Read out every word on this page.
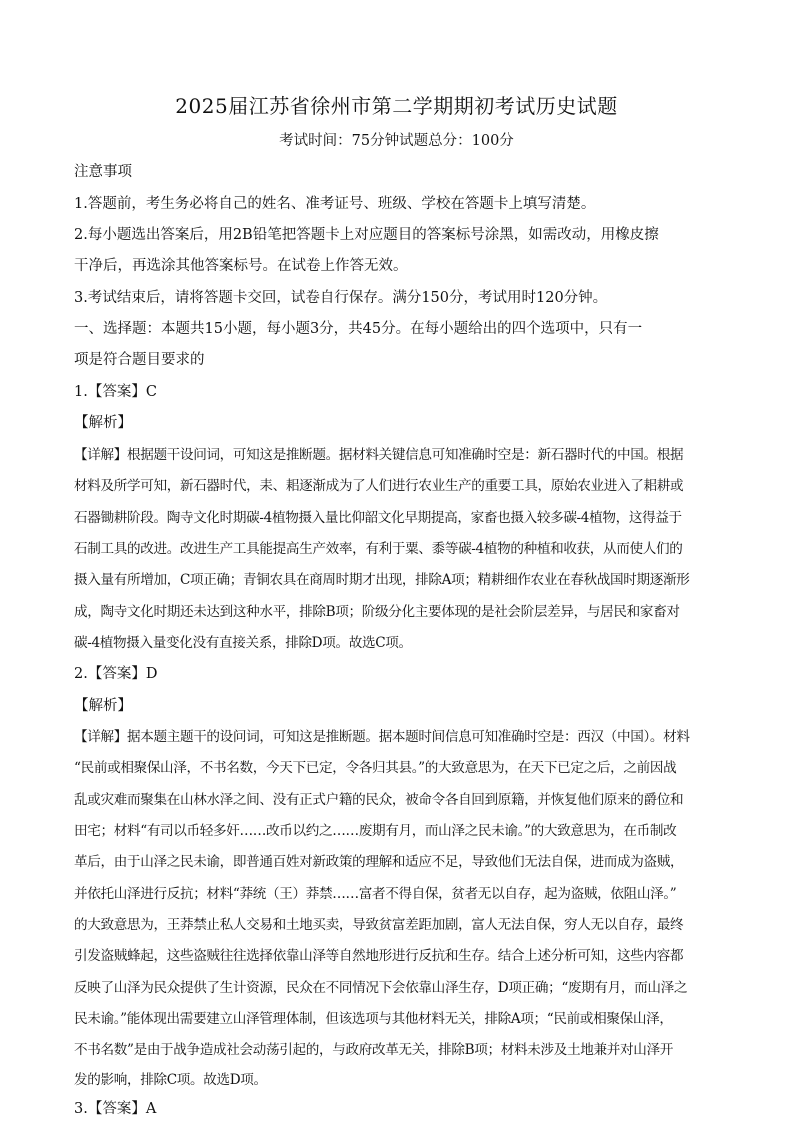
2025届江苏省徐州市第二学期期初考试历史试题
考试时间：75分钟试题总分：100分
注意事项
1.答题前，考生务必将自己的姓名、准考证号、班级、学校在答题卡上填写清楚。
2.每小题选出答案后，用2B铅笔把答题卡上对应题目的答案标号涂黑，如需改动，用橡皮擦
干净后，再选涂其他答案标号。在试卷上作答无效。
3.考试结束后，请将答题卡交回，试卷自行保存。满分150分，考试用时120分钟。
一、选择题：本题共15小题，每小题3分，共45分。在每小题给出的四个选项中，只有一
项是符合题目要求的
1.【答案】C
【解析】
【详解】根据题干设问词，可知这是推断题。据材料关键信息可知准确时空是：新石器时代的中国。根据
材料及所学可知，新石器时代，耒、耜逐渐成为了人们进行农业生产的重要工具，原始农业进入了耜耕或
石器锄耕阶段。陶寺文化时期碳-4植物摄入量比仰韶文化早期提高，家畜也摄入较多碳-4植物，这得益于
石制工具的改进。改进生产工具能提高生产效率，有利于粟、黍等碳-4植物的种植和收获，从而使人们的
摄入量有所增加，C项正确；青铜农具在商周时期才出现，排除A项；精耕细作农业在春秋战国时期逐渐形
成，陶寺文化时期还未达到这种水平，排除B项；阶级分化主要体现的是社会阶层差异，与居民和家畜对
碳-4植物摄入量变化没有直接关系，排除D项。故选C项。
2.【答案】D
【解析】
【详解】据本题主题干的设问词，可知这是推断题。据本题时间信息可知准确时空是：西汉（中国）。材料
“民前或相聚保山泽，不书名数，今天下已定，令各归其县。”的大致意思为，在天下已定之后，之前因战
乱或灾难而聚集在山林水泽之间、没有正式户籍的民众，被命令各自回到原籍，并恢复他们原来的爵位和
田宅；材料“有司以币轻多奸……改币以约之……废期有月，而山泽之民未谕。”的大致意思为，在币制改
革后，由于山泽之民未谕，即普通百姓对新政策的理解和适应不足，导致他们无法自保，进而成为盗贼，
并依托山泽进行反抗；材料“莽统（王）莽禁……富者不得自保，贫者无以自存，起为盗贼，依阻山泽。”
的大致意思为，王莽禁止私人交易和土地买卖，导致贫富差距加剧，富人无法自保，穷人无以自存，最终
引发盗贼蜂起，这些盗贼往往选择依靠山泽等自然地形进行反抗和生存。结合上述分析可知，这些内容都
反映了山泽为民众提供了生计资源，民众在不同情况下会依靠山泽生存，D项正确；“废期有月，而山泽之
民未谕。”能体现出需要建立山泽管理体制，但该选项与其他材料无关，排除A项；“民前或相聚保山泽，
不书名数”是由于战争造成社会动荡引起的，与政府改革无关，排除B项；材料未涉及土地兼并对山泽开
发的影响，排除C项。故选D项。
3.【答案】A
